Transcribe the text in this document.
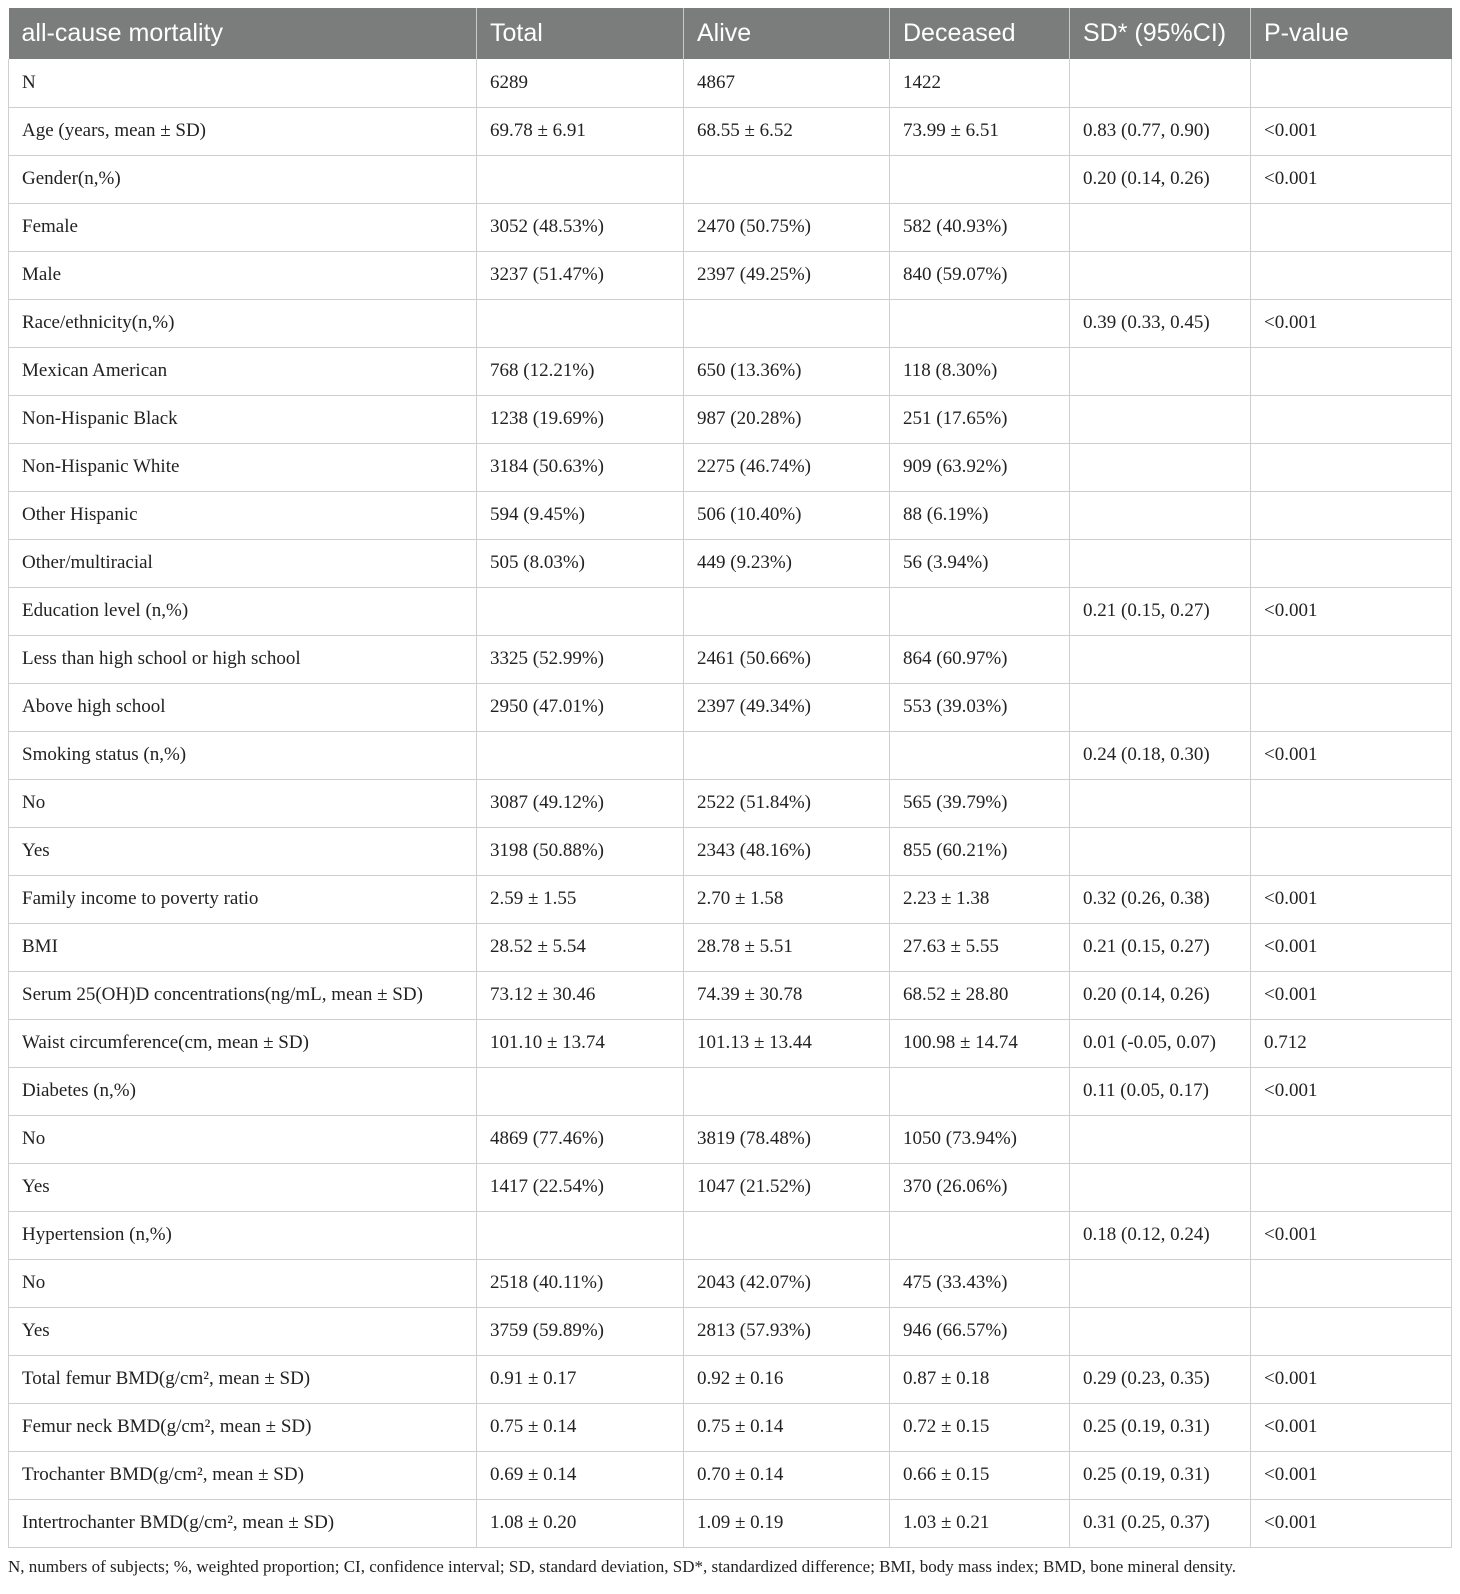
all-cause mortality	Total	Alive	Deceased	SD* (95%CI)	P-value
N	6289	4867	1422		
Age (years, mean ± SD)	69.78 ± 6.91	68.55 ± 6.52	73.99 ± 6.51	0.83 (0.77, 0.90)	<0.001
Gender(n,%)				0.20 (0.14, 0.26)	<0.001
Female	3052 (48.53%)	2470 (50.75%)	582 (40.93%)		
Male	3237 (51.47%)	2397 (49.25%)	840 (59.07%)		
Race/ethnicity(n,%)				0.39 (0.33, 0.45)	<0.001
Mexican American	768 (12.21%)	650 (13.36%)	118 (8.30%)		
Non-Hispanic Black	1238 (19.69%)	987 (20.28%)	251 (17.65%)		
Non-Hispanic White	3184 (50.63%)	2275 (46.74%)	909 (63.92%)		
Other Hispanic	594 (9.45%)	506 (10.40%)	88 (6.19%)		
Other/multiracial	505 (8.03%)	449 (9.23%)	56 (3.94%)		
Education level (n,%)				0.21 (0.15, 0.27)	<0.001
Less than high school or high school	3325 (52.99%)	2461 (50.66%)	864 (60.97%)		
Above high school	2950 (47.01%)	2397 (49.34%)	553 (39.03%)		
Smoking status (n,%)				0.24 (0.18, 0.30)	<0.001
No	3087 (49.12%)	2522 (51.84%)	565 (39.79%)		
Yes	3198 (50.88%)	2343 (48.16%)	855 (60.21%)		
Family income to poverty ratio	2.59 ± 1.55	2.70 ± 1.58	2.23 ± 1.38	0.32 (0.26, 0.38)	<0.001
BMI	28.52 ± 5.54	28.78 ± 5.51	27.63 ± 5.55	0.21 (0.15, 0.27)	<0.001
Serum 25(OH)D concentrations(ng/mL, mean ± SD)	73.12 ± 30.46	74.39 ± 30.78	68.52 ± 28.80	0.20 (0.14, 0.26)	<0.001
Waist circumference(cm, mean ± SD)	101.10 ± 13.74	101.13 ± 13.44	100.98 ± 14.74	0.01 (-0.05, 0.07)	0.712
Diabetes (n,%)				0.11 (0.05, 0.17)	<0.001
No	4869 (77.46%)	3819 (78.48%)	1050 (73.94%)		
Yes	1417 (22.54%)	1047 (21.52%)	370 (26.06%)		
Hypertension (n,%)				0.18 (0.12, 0.24)	<0.001
No	2518 (40.11%)	2043 (42.07%)	475 (33.43%)		
Yes	3759 (59.89%)	2813 (57.93%)	946 (66.57%)		
Total femur BMD(g/cm², mean ± SD)	0.91 ± 0.17	0.92 ± 0.16	0.87 ± 0.18	0.29 (0.23, 0.35)	<0.001
Femur neck BMD(g/cm², mean ± SD)	0.75 ± 0.14	0.75 ± 0.14	0.72 ± 0.15	0.25 (0.19, 0.31)	<0.001
Trochanter BMD(g/cm², mean ± SD)	0.69 ± 0.14	0.70 ± 0.14	0.66 ± 0.15	0.25 (0.19, 0.31)	<0.001
Intertrochanter BMD(g/cm², mean ± SD)	1.08 ± 0.20	1.09 ± 0.19	1.03 ± 0.21	0.31 (0.25, 0.37)	<0.001
N, numbers of subjects; %, weighted proportion; CI, confidence interval; SD, standard deviation, SD*, standardized difference; BMI, body mass index; BMD, bone mineral density.
